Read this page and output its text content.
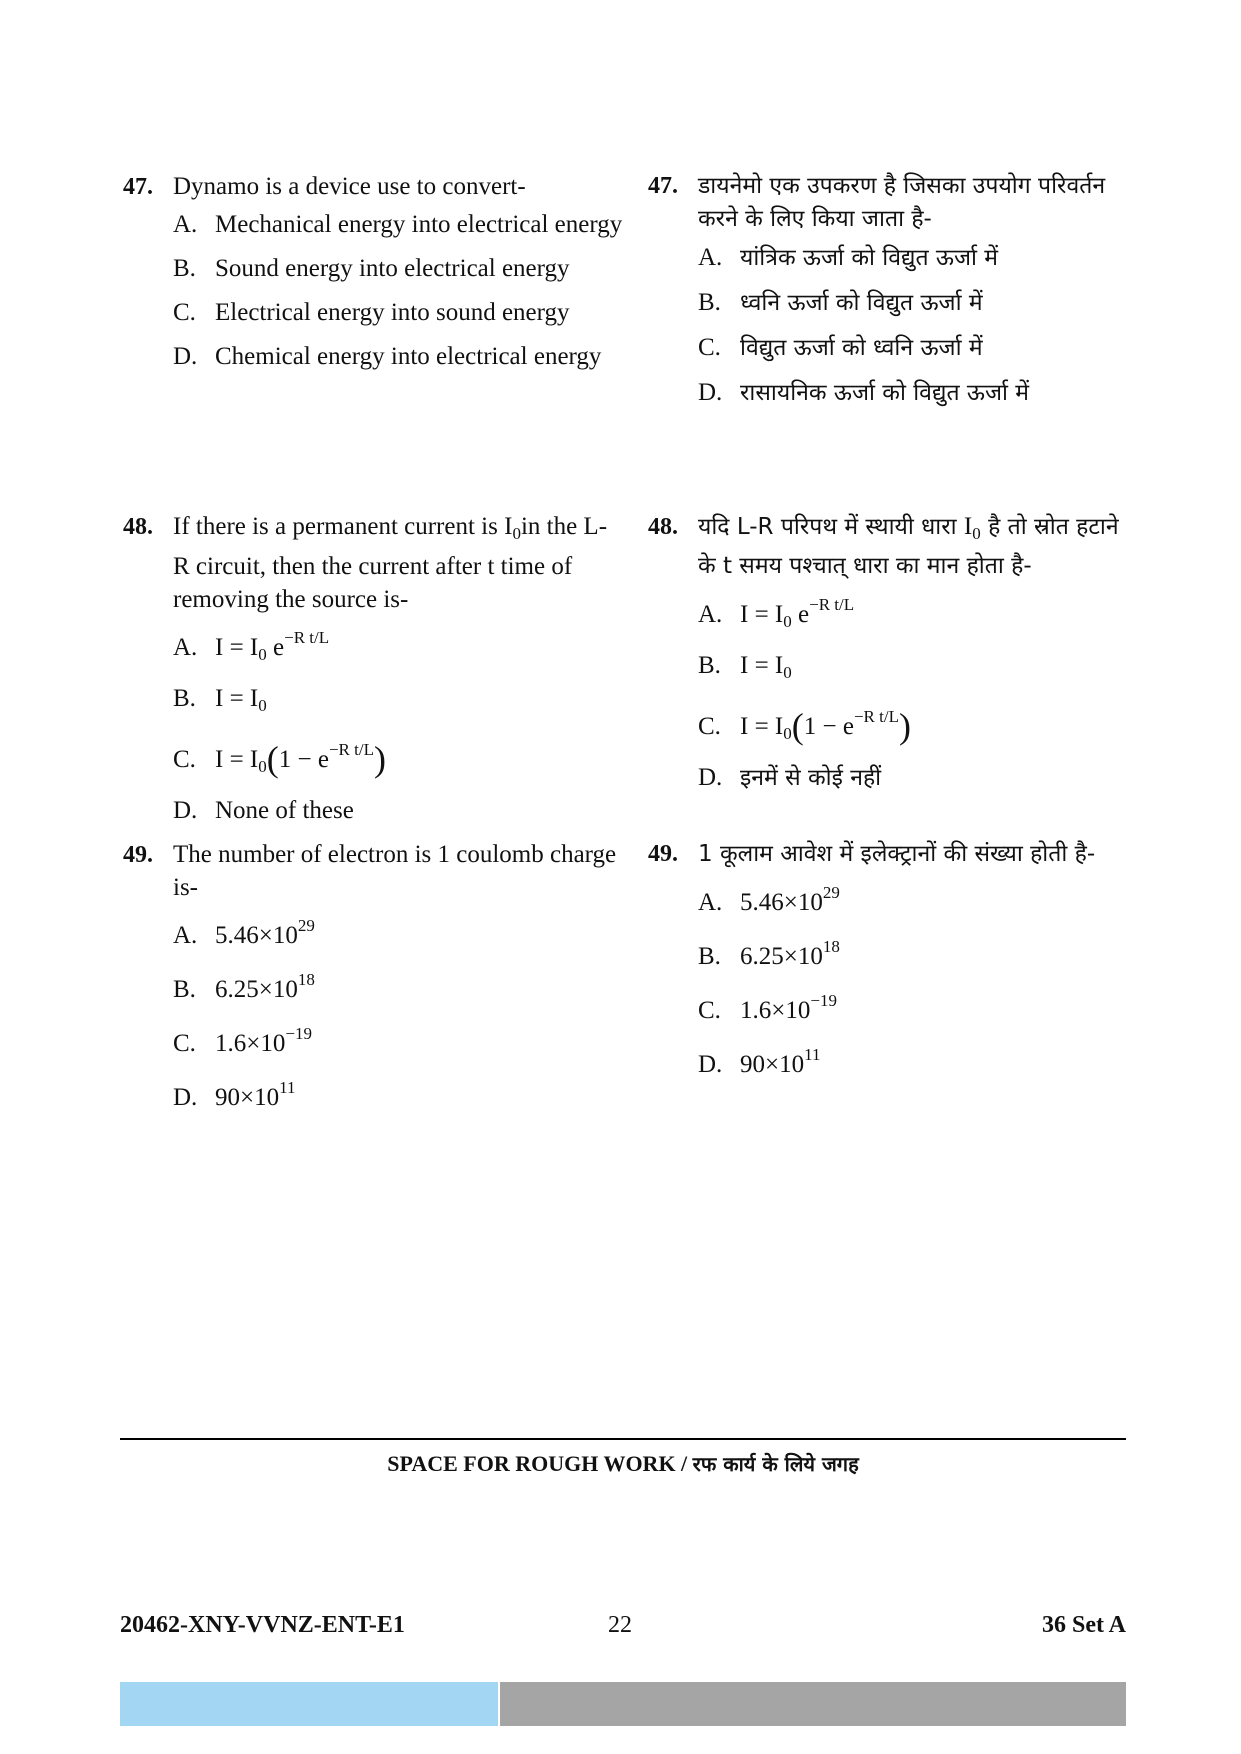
47. Dynamo is a device use to convert-
A. Mechanical energy into electrical energy
B. Sound energy into electrical energy
C. Electrical energy into sound energy
D. Chemical energy into electrical energy
48. If there is a permanent current is $I_0in$ the L-R circuit, then the current after t time of removing the source is-
A. $I = I_0$ $e^{-R t/L}$
B. $I = I_0$
C. $I = I_0(1 - e^{-R t/L})$
D. None of these
49. The number of electron is 1 coulomb charge is-
A. $5.46\times 10^{29}$
B. $6.25\times 10^{18}$
C. $1.6\times 10^{-19}$
D. $90\times 10^{11}$
47. डायनेमो एक उपकरण है जिसका उपयोग परिवर्तन करने के लिए किया जाता है-
A. यांत्रिक ऊर्जा को विद्युत ऊर्जा में
B. ध्वनि ऊर्जा को विद्युत ऊर्जा में
C. विद्युत ऊर्जा को ध्वनि ऊर्जा में
D. रासायनिक ऊर्जा को विद्युत ऊर्जा में
48. यदि L-R परिपथ में स्थायी धारा $I_0$ है तो स्रोत हटाने के t समय पश्चात् धारा का मान होता है-
A. $I = I_0$ $e^{-R t/L}$
B. $I = I_0$
C. $I = I_0(1 - e^{-R t/L})$
D. इनमें से कोई नहीं
49. 1 कूलाम आवेश में इलेक्ट्रानों की संख्या होती है-
A. $5.46\times 10^{29}$
B. $6.25\times 10^{18}$
C. $1.6\times 10^{-19}$
D. $90\times 10^{11}$
SPACE FOR ROUGH WORK / रफ कार्य के लिये जगह
20462-XNY-VVNZ-ENT-E1	22	36 Set A
